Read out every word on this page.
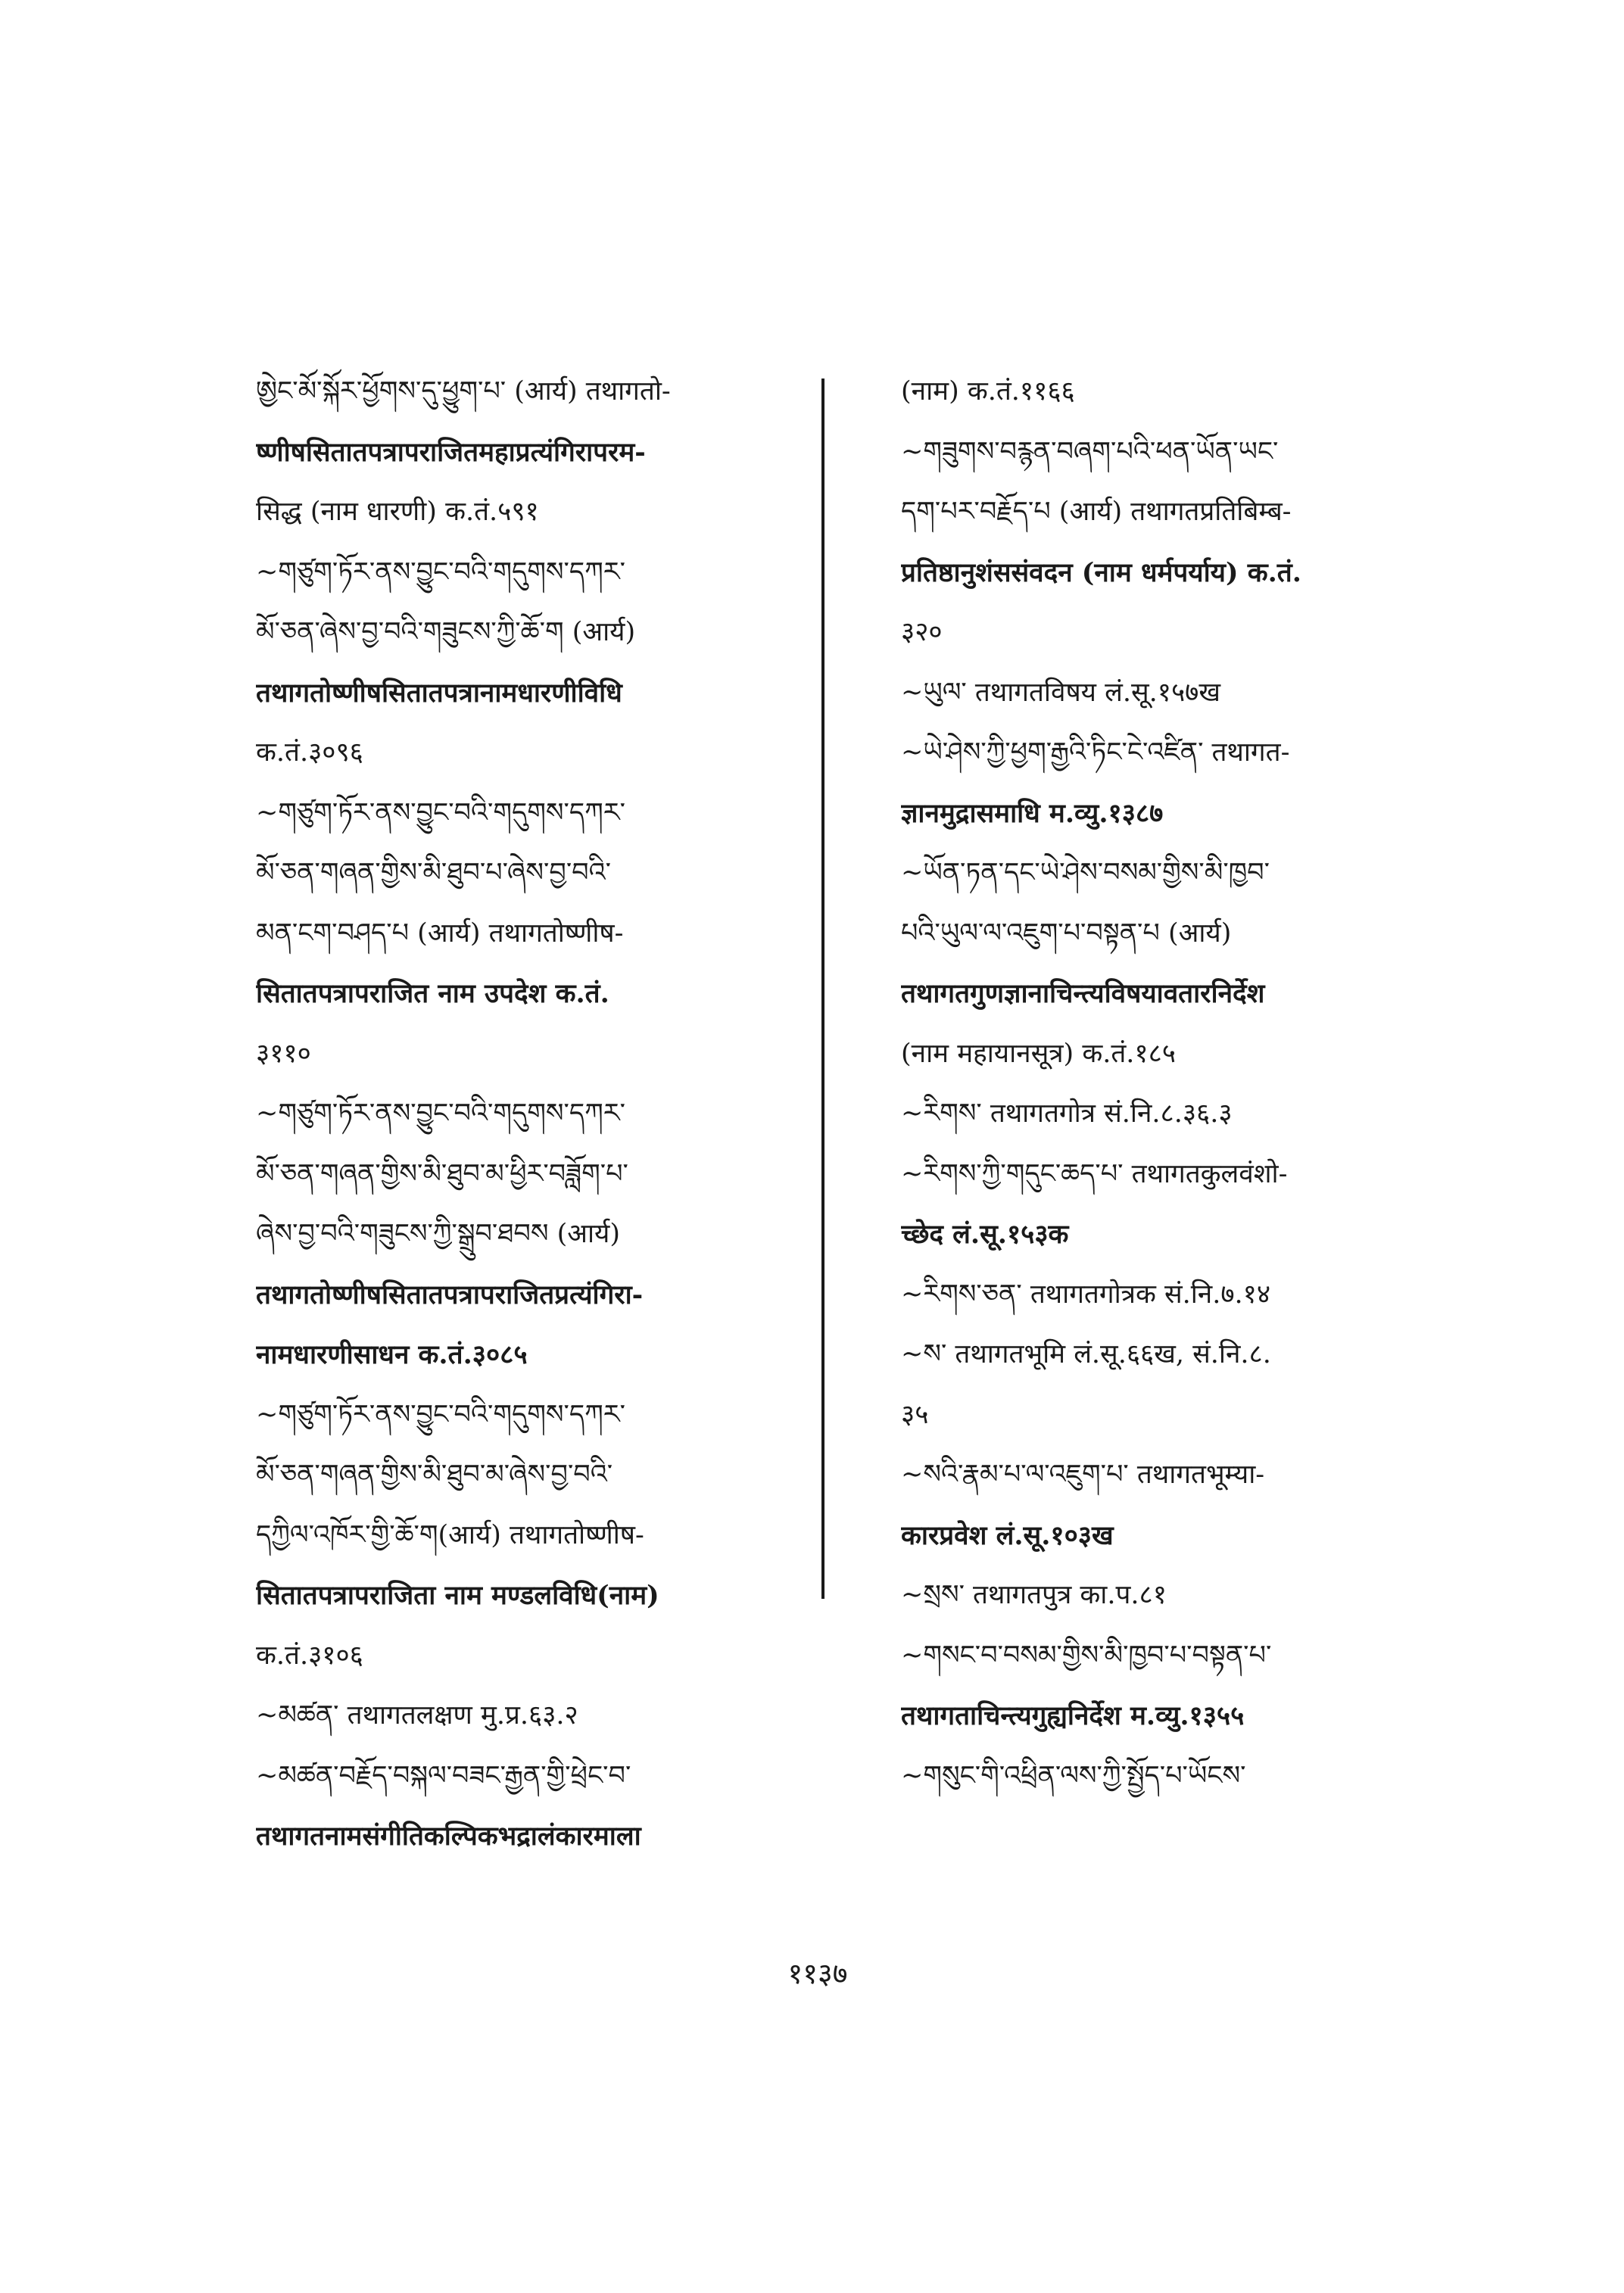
ཨྱེང་མོ་སྐོར་ཕྱོགས་དུ་ཕྱུག་པ་ (आर्य) तथागतो-
ष्णीषसितातपत्रापराजितमहाप्रत्यंगिरापरम-
सिद्ध (नाम धारणी) क.तं.५९१
~གཙུག་ཏོར་ནས་བྱུང་བའི་གདུགས་དཀར་
མོ་ཅན་ཞེས་བྱ་བའི་གཟུངས་ཀྱི་ཆོ་ག (आर्य)
तथागतोष्णीषसितातपत्रानामधारणीविधि
क.तं.३०९६
~གཙུག་ཏོར་ནས་བྱུང་བའི་གདུགས་དཀར་
མོ་ཅན་གཞན་གྱིས་མི་ཐུབ་པ་ཞེས་བྱ་བའི་
མན་ངག་བཤད་པ (आर्य) तथागतोष्णीष-
सितातपत्रापराजित नाम उपदेश क.तं.
३११०
~གཙུག་ཏོར་ནས་བྱུང་བའི་གདུགས་དཀར་
མོ་ཅན་གཞན་གྱིས་མི་ཐུབ་མ་ཕྱིར་བཟློག་པ་
ཞེས་བྱ་བའི་གཟུངས་ཀྱི་སྒྲུབ་ཐབས (आर्य)
तथागतोष्णीषसितातपत्रापराजितप्रत्यंगिरा-
नामधारणीसाधन क.तं.३०८५
~གཙུག་ཏོར་ནས་བྱུང་བའི་གདུགས་དཀར་
མོ་ཅན་གཞན་གྱིས་མི་ཐུབ་མ་ཞེས་བྱ་བའི་
དཀྱིལ་འཁོར་གྱི་ཆོ་ག(आर्य) तथागतोष्णीष-
सितातपत्रापराजिता नाम मण्डलविधि(नाम)
क.तं.३१०६
~མཚན་ तथागतलक्षण मु.प्र.६३.२
~མཚན་བརྗོད་བསྐལ་བཟང་རྒྱན་གྱི་ཕྲེང་བ་
तथागतनामसंगीतिकल्पिकभद्रालंकारमाला
(नाम) क.तं.११६६
~གཟུགས་བརྙན་བཞག་པའི་ཕན་ཡོན་ཡང་
དག་པར་བརྗོད་པ (आर्य) तथागतप्रतिबिम्ब-
प्रतिष्ठानुशंससंवदन (नाम धर्मपर्याय) क.तं.
३२०
~ཡུལ་ तथागतविषय लं.सू.१५७ख
~ཡེ་ཤེས་ཀྱི་ཕྱག་རྒྱའི་ཏིང་ངེ་འཛིན་ तथागत-
ज्ञानमुद्रासमाधि म.व्यु.१३८७
~ཡོན་ཏན་དང་ཡེ་ཤེས་བསམ་གྱིས་མི་ཁྱབ་
པའི་ཡུལ་ལ་འཇུག་པ་བསྟན་པ (आर्य)
तथागतगुणज्ञानाचिन्त्यविषयावतारनिर्देश
(नाम महायानसूत्र) क.तं.१८५
~རིགས་ तथागतगोत्र सं.नि.८.३६.३
~རིགས་ཀྱི་གདུང་ཆད་པ་ तथागतकुलवंशो-
च्छेद लं.सू.१५३क
~རིགས་ཅན་ तथागतगोत्रक सं.नि.७.१४
~ས་ तथागतभूमि लं.सू.६६ख, सं.नि.८.
३५
~སའི་རྣམ་པ་ལ་འཇུག་པ་ तथागतभूम्या-
कारप्रवेश लं.सू.१०३ख
~སྲས་ तथागतपुत्र का.प.८१
~གསང་བ་བསམ་གྱིས་མི་ཁྱབ་པ་བསྟན་པ་
तथागताचिन्त्यगुह्यनिर्देश म.व्यु.१३५५
~གསུང་གི་འཕྲིན་ལས་ཀྱི་སྤྱོད་པ་ཡོངས་
११३७
